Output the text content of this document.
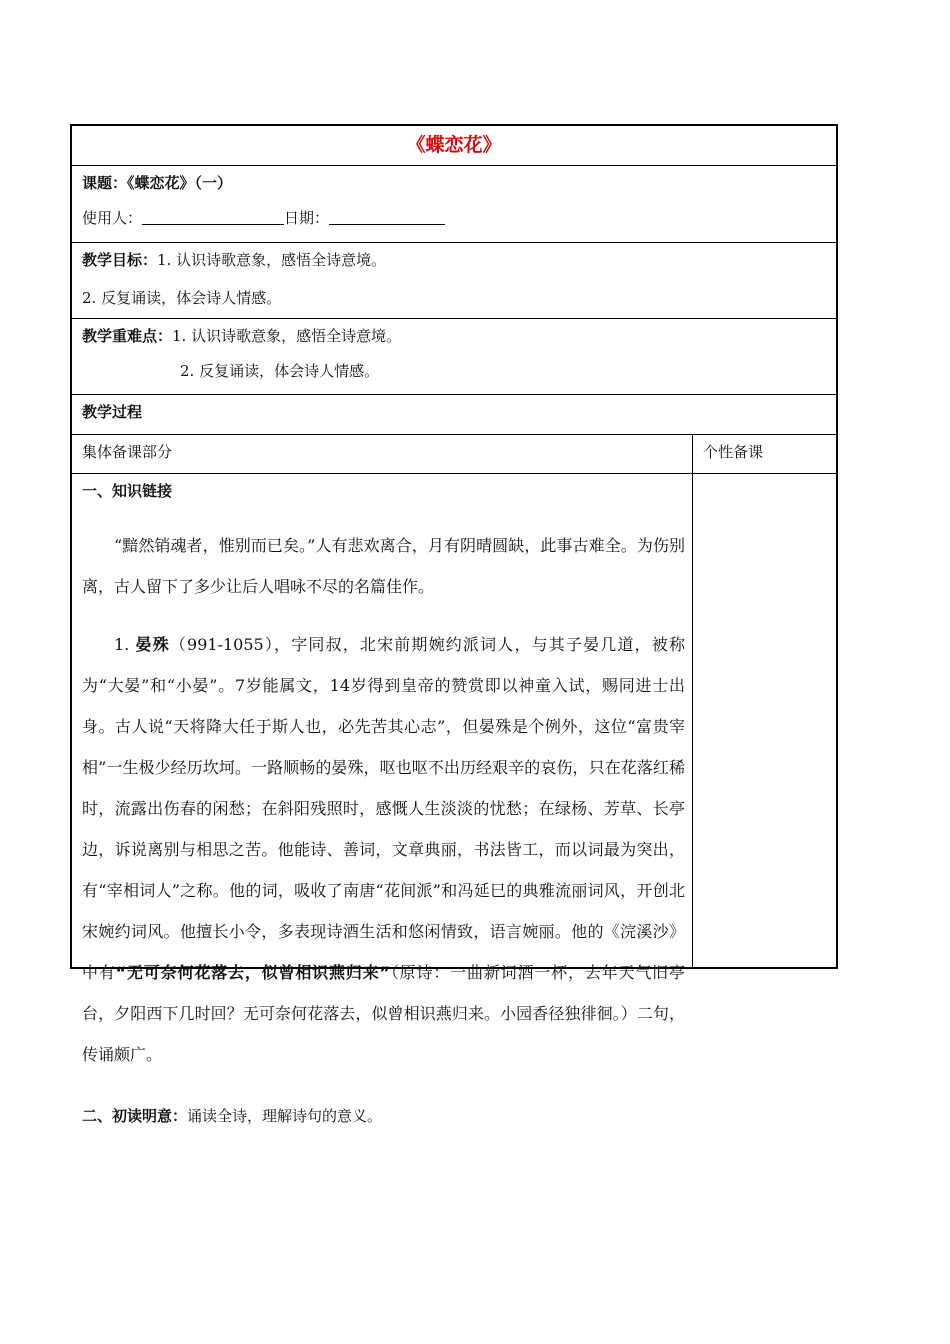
《蝶恋花》
课题：《蝶恋花》（一）
使用人：	日期：
教学目标：1. 认识诗歌意象，感悟全诗意境。
2. 反复诵读，体会诗人情感。
教学重难点：1. 认识诗歌意象，感悟全诗意境。
2. 反复诵读，体会诗人情感。
教学过程
集体备课部分	个性备课
一、知识链接

“黯然销魂者，惟别而已矣。”人有悲欢离合，月有阴晴圆缺，此事古难全。为伤别离，古人留下了多少让后人唱咏不尽的名篇佳作。

1. 晏殊（991-1055），字同叔，北宋前期婉约派词人，与其子晏几道，被称为“大晏”和“小晏”。7岁能属文，14岁得到皇帝的赞赏即以神童入试，赐同进士出身。古人说“天将降大任于斯人也，必先苦其心志”，但晏殊是个例外，这位“富贵宰相”一生极少经历坎坷。一路顺畅的晏殊，呕也呕不出历经艰辛的哀伤，只在花落红稀时，流露出伤春的闲愁；在斜阳残照时，感慨人生淡淡的忧愁；在绿杨、芳草、长亭边，诉说离别与相思之苦。他能诗、善词，文章典丽，书法皆工，而以词最为突出，有“宰相词人”之称。他的词，吸收了南唐“花间派”和冯延巳的典雅流丽词风，开创北宋婉约词风。他擅长小令，多表现诗酒生活和悠闲情致，语言婉丽。他的《浣溪沙》中有“无可奈何花落去，似曾相识燕归来”（原诗：一曲新词酒一杯，去年天气旧亭台，夕阳西下几时回？无可奈何花落去，似曾相识燕归来。小园香径独徘徊。）二句，传诵颇广。

二、初读明意：诵读全诗，理解诗句的意义。
